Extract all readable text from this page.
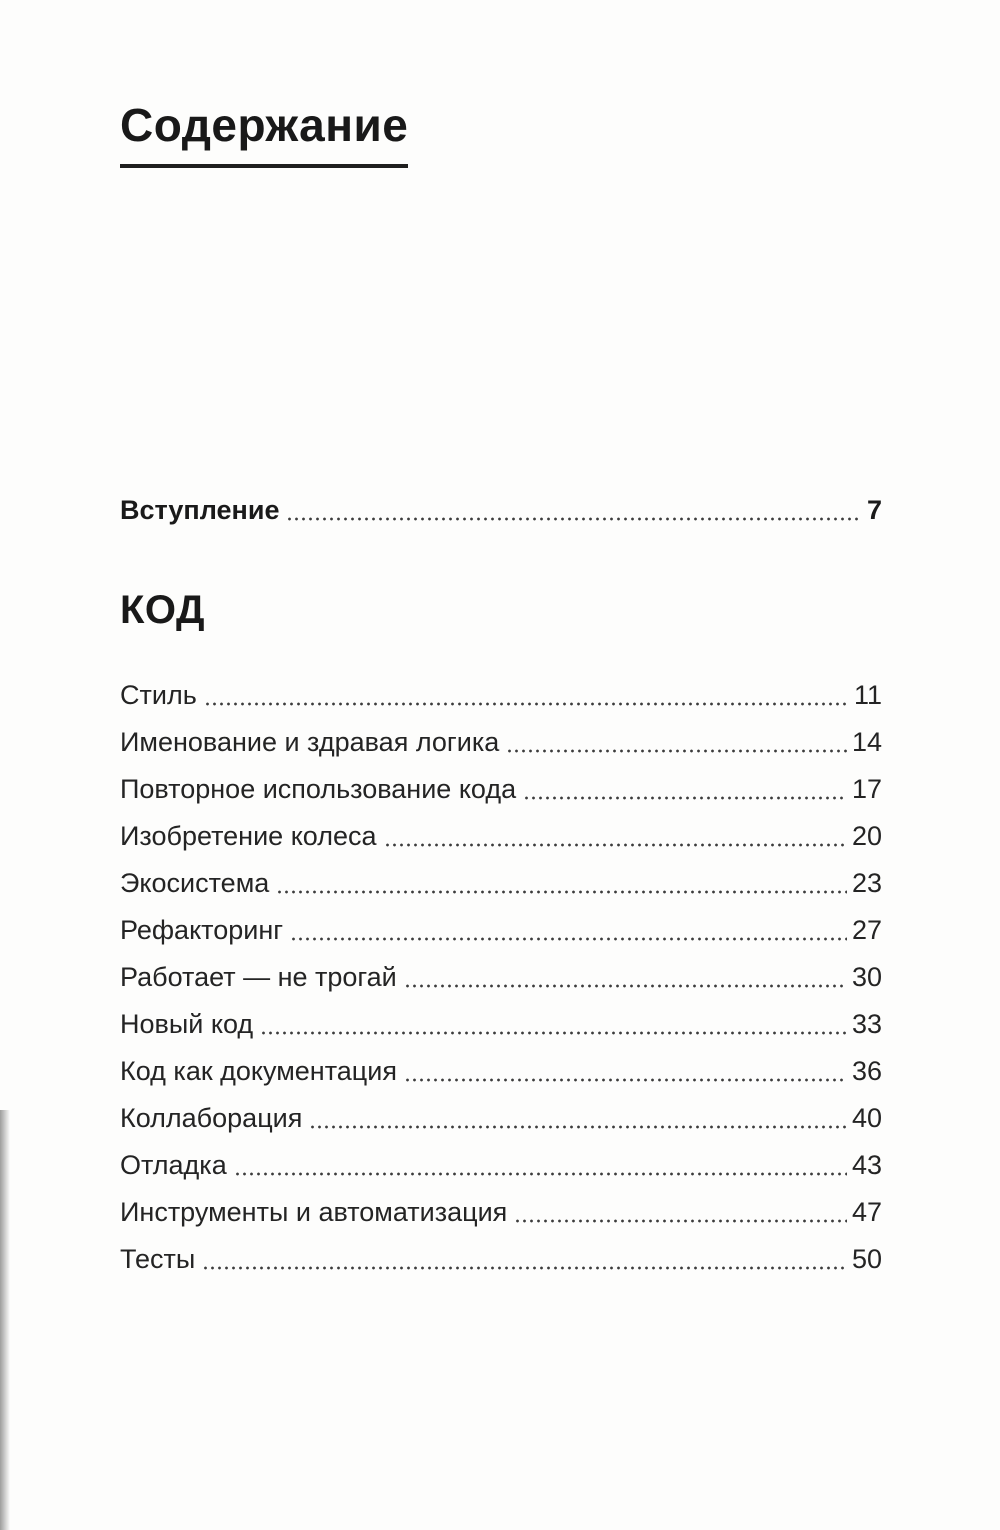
Содержание
Вступление	7
КОД
Стиль	11
Именование и здравая логика	14
Повторное использование кода	17
Изобретение колеса	20
Экосистема	23
Рефакторинг	27
Работает — не трогай	30
Новый код	33
Код как документация	36
Коллаборация	40
Отладка	43
Инструменты и автоматизация	47
Тесты	50
